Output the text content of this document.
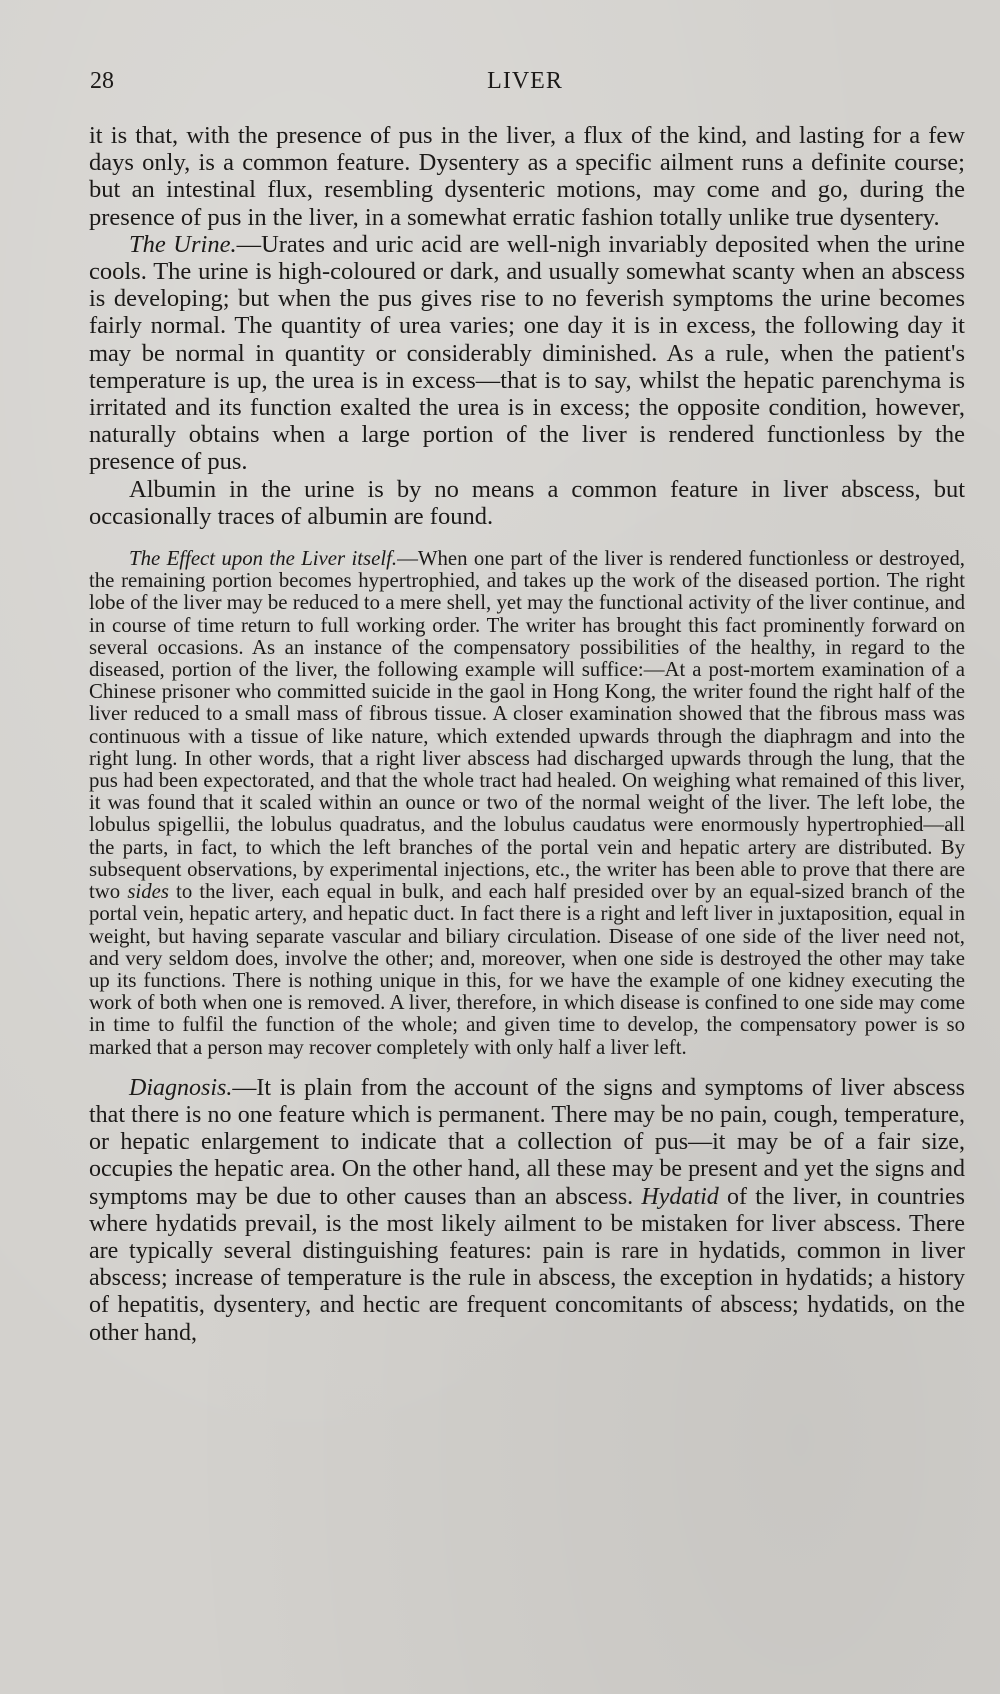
28	LIVER

it is that, with the presence of pus in the liver, a flux of the kind, and lasting for a few days only, is a common feature. Dysentery as a specific ailment runs a definite course; but an intestinal flux, resembling dysenteric motions, may come and go, during the presence of pus in the liver, in a somewhat erratic fashion totally unlike true dysentery.

The Urine.—Urates and uric acid are well-nigh invariably deposited when the urine cools. The urine is high-coloured or dark, and usually somewhat scanty when an abscess is developing; but when the pus gives rise to no feverish symptoms the urine becomes fairly normal. The quantity of urea varies; one day it is in excess, the following day it may be normal in quantity or considerably diminished. As a rule, when the patient's temperature is up, the urea is in excess—that is to say, whilst the hepatic parenchyma is irritated and its function exalted the urea is in excess; the opposite condition, however, naturally obtains when a large portion of the liver is rendered functionless by the presence of pus.

Albumin in the urine is by no means a common feature in liver abscess, but occasionally traces of albumin are found.

The Effect upon the Liver itself.—When one part of the liver is rendered functionless or destroyed, the remaining portion becomes hypertrophied, and takes up the work of the diseased portion. The right lobe of the liver may be reduced to a mere shell, yet may the functional activity of the liver continue, and in course of time return to full working order. The writer has brought this fact prominently forward on several occasions. As an instance of the compensatory possibilities of the healthy, in regard to the diseased, portion of the liver, the following example will suffice:—At a post-mortem examination of a Chinese prisoner who committed suicide in the gaol in Hong Kong, the writer found the right half of the liver reduced to a small mass of fibrous tissue. A closer examination showed that the fibrous mass was continuous with a tissue of like nature, which extended upwards through the diaphragm and into the right lung. In other words, that a right liver abscess had discharged upwards through the lung, that the pus had been expectorated, and that the whole tract had healed. On weighing what remained of this liver, it was found that it scaled within an ounce or two of the normal weight of the liver. The left lobe, the lobulus spigellii, the lobulus quadratus, and the lobulus caudatus were enormously hypertrophied—all the parts, in fact, to which the left branches of the portal vein and hepatic artery are distributed. By subsequent observations, by experimental injections, etc., the writer has been able to prove that there are two sides to the liver, each equal in bulk, and each half presided over by an equal-sized branch of the portal vein, hepatic artery, and hepatic duct. In fact there is a right and left liver in juxtaposition, equal in weight, but having separate vascular and biliary circulation. Disease of one side of the liver need not, and very seldom does, involve the other; and, moreover, when one side is destroyed the other may take up its functions. There is nothing unique in this, for we have the example of one kidney executing the work of both when one is removed. A liver, therefore, in which disease is confined to one side may come in time to fulfil the function of the whole; and given time to develop, the compensatory power is so marked that a person may recover completely with only half a liver left.

Diagnosis.—It is plain from the account of the signs and symptoms of liver abscess that there is no one feature which is permanent. There may be no pain, cough, temperature, or hepatic enlargement to indicate that a collection of pus—it may be of a fair size, occupies the hepatic area. On the other hand, all these may be present and yet the signs and symptoms may be due to other causes than an abscess. Hydatid of the liver, in countries where hydatids prevail, is the most likely ailment to be mistaken for liver abscess. There are typically several distinguishing features: pain is rare in hydatids, common in liver abscess; increase of temperature is the rule in abscess, the exception in hydatids; a history of hepatitis, dysentery, and hectic are frequent concomitants of abscess; hydatids, on the other hand,
